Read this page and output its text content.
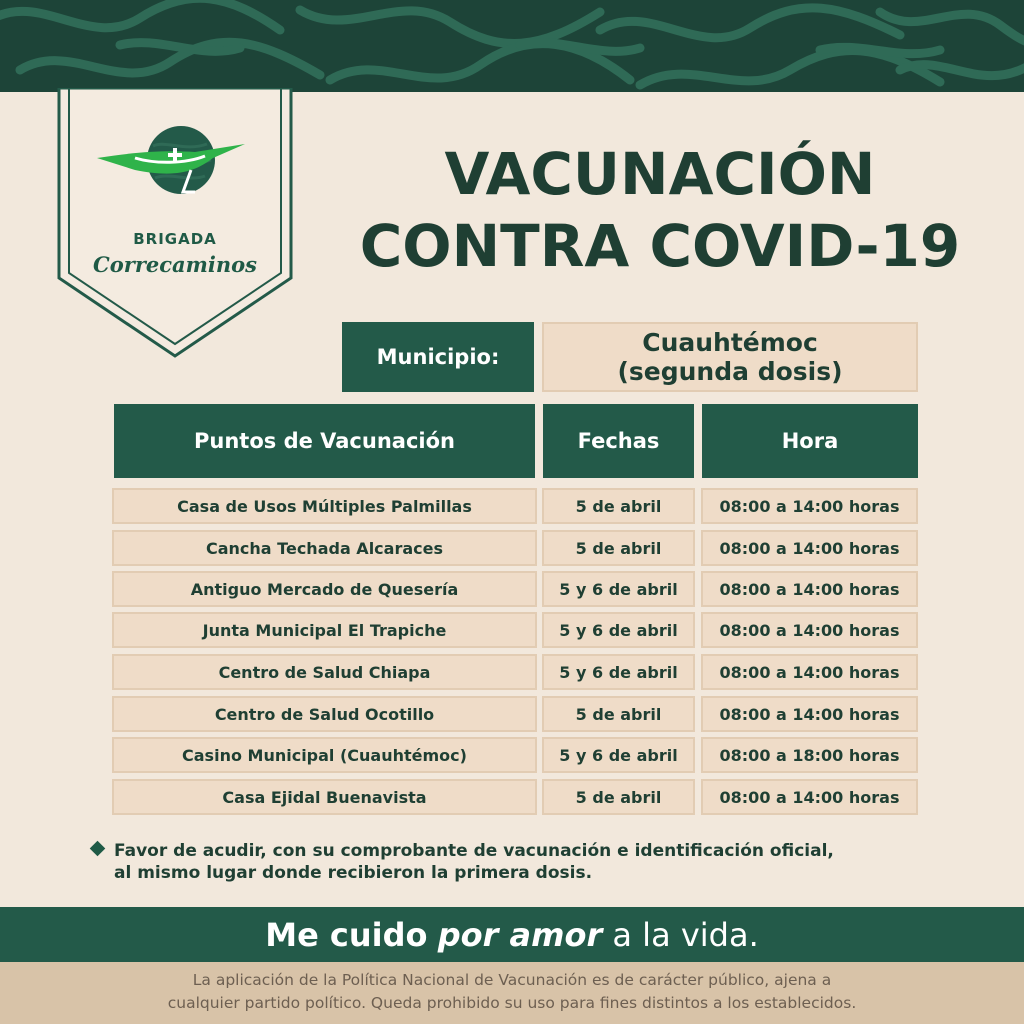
BRIGADA
Correcaminos
VACUNACIÓN
CONTRA COVID-19
Municipio:	Cuauhtémoc
(segunda dosis)
Puntos de Vacunación	Fechas	Hora
Casa de Usos Múltiples Palmillas	5 de abril	08:00 a 14:00 horas
Cancha Techada Alcaraces	5 de abril	08:00 a 14:00 horas
Antiguo Mercado de Quesería	5 y 6 de abril	08:00 a 14:00 horas
Junta Municipal El Trapiche	5 y 6 de abril	08:00 a 14:00 horas
Centro de Salud Chiapa	5 y 6 de abril	08:00 a 14:00 horas
Centro de Salud Ocotillo	5 de abril	08:00 a 14:00 horas
Casino Municipal (Cuauhtémoc)	5 y 6 de abril	08:00 a 18:00 horas
Casa Ejidal Buenavista	5 de abril	08:00 a 14:00 horas
Favor de acudir, con su comprobante de vacunación e identificación oficial,
al mismo lugar donde recibieron la primera dosis.
Me cuido
por amor
a la vida.
La aplicación de la Política Nacional de Vacunación es de carácter público, ajena a
cualquier partido político. Queda prohibido su uso para fines distintos a los establecidos.
